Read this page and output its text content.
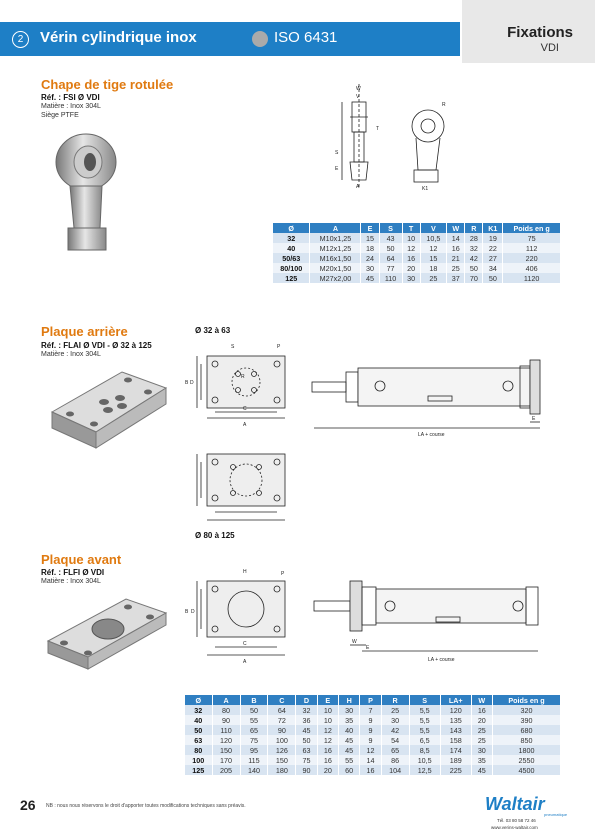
2	Vérin cylindrique inox	ISO 6431	Fixations
VDI
Chape de tige rotulée
Réf. : FSI Ø VDI
Matière : Inox 304L
Siège PTFE
W
V
R
T
S
E
A	K1
Ø	A	E	S	T	V	W	R	K1	Poids en g
32	M10x1,25	15	43	10	10,5	14	28	19	75
40	M12x1,25	18	50	12	12	16	32	22	112
50/63	M16x1,50	24	64	16	15	21	42	27	220
80/100	M20x1,50	30	77	20	18	25	50	34	406
125	M27x2,00	45	110	30	25	37	70	50	1120
Plaque arrière
Réf. : FLAI Ø VDI - Ø 32 à 125
Matière : Inox 304L
Ø 32 à 63
Ø 80 à 125
S	P
R
D
B
C
A
E
LA + course
Plaque avant
Réf. : FLFI Ø VDI
Matière : Inox 304L
H	P
B D
C
A
W
E
LA + course
Ø	A	B	C	D	E	H	P	R	S	LA+	W	Poids en g
32	80	50	64	32	10	30	7	25	5,5	120	16	320
40	90	55	72	36	10	35	9	30	5,5	135	20	390
50	110	65	90	45	12	40	9	42	5,5	143	25	680
63	120	75	100	50	12	45	9	54	6,5	158	25	850
80	150	95	126	63	16	45	12	65	8,5	174	30	1800
100	170	115	150	75	16	55	14	86	10,5	189	35	2550
125	205	140	180	90	20	60	16	104	12,5	225	45	4500
26 NB : nous nous réservons le droit d'apporter toutes modifications techniques sans préavis.	Waltair
pneumatique
Tél. 03 80 58 72 46
www.verins-waltair.com
